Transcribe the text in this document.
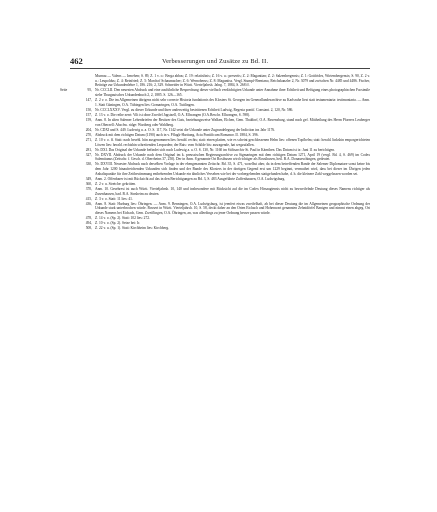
462	Verbesserungen und Zusätze zu Bd. II.
Murnau — Valens — Irmehen; S. 89, Z. 1 v. o.: Berga abbas; Z. 19: relatisfinis; Z. 16 v. u.: presertis; Z. 2: Magantian; Z. 2: Salzenbergensis; Z. 1: Gottfrides, Wirtembergensis; S. 90, Z. 2 v. u.: Leupoldus; Z. 4: Reinfried; Z. 5: Marchof Schaumacher; Z. 6: Wernoberus; Z. 8: Magantiss. Vergl. Stumpf-Brentano, Reichskanzler 2, Nr. 3079 und zwischen Nr. 4485 und 4486. Fischer, Beiträge zur Urkundenlehre 1, 186. 216; 2, 329. Schneider in Württ. Vierteljahrsh. Jahrg. 7, 1884, S. 268 ff.
Seite	95, Nr. CCCLII. Den neuesten Abdruck und eine ausführliche Besprechung dieser vielfach verdächtigten Urkunde unter Annahme ihrer Echtheit und Befügung eines photographischen Facsimile siehe Thurgauisches Urkundenbuch 2, 2, 1885. S. 126—165.
147, Z. 2 v. o. Die im Allgemeinen übrigens nicht sehr correcte Historia fundationis des Klosters St. Georgen im Generallandesarchive zu Karlsruhe liest statt testamentaria: testimoniarta. — Anm. 1. Statt Güningen, O.A. Tübingen lies: Gomaringen, O.A. Tuttlingen.
150, Nr. CCCLXXXV. Vergl. zu dieser Urkunde und ihrer anderweitig bestrittenen Echtheit Ludwig, Regesta pontif. Constant. 2, 120, Nr. 586.
157, Z. 13 v. o. Die reihe zerrt: Vilt ist ohne Zweifel Jagstzell, O.A. Ellwangen (O.A.Beschr. Ellwangen, S. 598).
159, Anm. 8. In alten Salemer Lehenbriefen der Besitzer des Guts, beziehungsweise Walken, Elchen, Gem. Thaldorf, O.A. Ravensburg, stand nach gef. Mittheilung des Herrn Pfarrers Leuberger von Oberzell: Abschw. ridge: Wartberg oder Wahlberg.
204, Nr. CDXI und S. 449. Ludewig u. a. O. S. 117, Nr. 1142 setzt die Urkunde unter Zugrundelegung der Indiction ins Jahr 1176.
270, Abdruck mit dem richtigen Datum (1190) auch in v. Pflugk-Harttung, Acta Pontificum Romanor. II. 1884, S. 396.
271, Z. 10 v. o. ff. Statt: nach besehl. hiin ausgenommen lies: herald. rechts; statt: einen platten, wie es scheint geschlossenen Helm lies: offenen Topfhelm; statt: herald. linkshin emporgerichteten Löwen lies: herald. rechtshin schreitenden Leoparden; der Rais: vom Schilde bis: ausragende, hat wegzufallen.
281, Nr. DXI. Das Original der Urkunde befindet sich nach Ludewig a. a. O. S. 130, Nr. 1160 im Stiftsarchiv St. Paul in Kärnthen. Das Datum ist ix: Juni 11 zu berichtigen.
327, Nr. DXVII. Abdruck der Urkunde nach dem Original im k. preussischen Regierungsarchive zu Sigmaringen mit dem richtigen Datum 1271, April 19 (vergl. Bd. 4, S. 469) im Codex Salemitanus (Zeitschr. f. Gesch. d. Oberrheins 37, 250). Der in Anm. 8 genannte Ort Rosihusen wird richtiger als Rossihusen, heil. B.A. Donaueschingen, gedeutet.
330, Nr. DXVIII. Neuester Abdruck nach derselben Vorlage in der ebengenannten Zeitschr. Bd. 35, S. 471, woselbst aber, da in dem betreffenden Bande der Salemer Diplomatare sonst keine bis dem Jahr 1200 hinaufreichenden Urkunden sich finden und der Bande des Klosters in der dortigen Gegend erst um 1229 beginnt, vermuthet wird, dass bei dieser im Übrigen jeden Anhaltspunkte für ihre Zeitbestimmung entbehrenden Urkunde ein ähnliches Versehen wie bei der vorhergehenden stattgefunden habe, d. h. die kleinere Zahl weggelassen worden sei.
349, Anm. 2. Offenbarer ist mit Rücksicht auf das in den Berichtigungen zu Bd. 3, S. 483 Ausgeführte Zuffenhausen, O.A. Ludwigsburg.
360, Z. 2 v. u. Streiche: gekritten.
370, Anm. 10. Gesehrest ist auch Württ. Vierteljahrsh. 10, 140 und insbesondere mit Rücksicht auf die im Codex Hirsaugiensis nicht zu bezweifelnde Deutung dieses Namens richtiger als Zusenhausen, bad. B.A. Sinsheim zu deuten.
415, Z. 3 v. o. Statt: 11 lies: 41.
436, Anm. 8. Statt: Harburg lies: Öhringen. — Anm. 9. Benningen, O.A. Ludwigsburg, ist jeenfert etwas zweifelhaft, ab bei dieser Deutung die im Allgemeinen geographische Ordnung der Urkunde stark unterbrochen würde. Bossert in Württ. Vierteljahrsh. 10, S. 58, deckt daher an den Orten Eichach und Hohenwart genannten Zehntdörfel Banigen und nimmt einen abgeg. Ort dieses Namens bei Eichach, Gem. Zweiflingen, O.A. Öhringen, an, was allerdings zu jener Ordnung besser passen würde.
478, Z. 14 v. o. (Sp. 2). Statt: 102 lies: 272.
494, Z. 10 v. o. (Sp. 2). Setze bei: Ir.
508, Z. 22 v. u. (Sp. 1). Statt: Kirchheim lies: Kirchberg.
